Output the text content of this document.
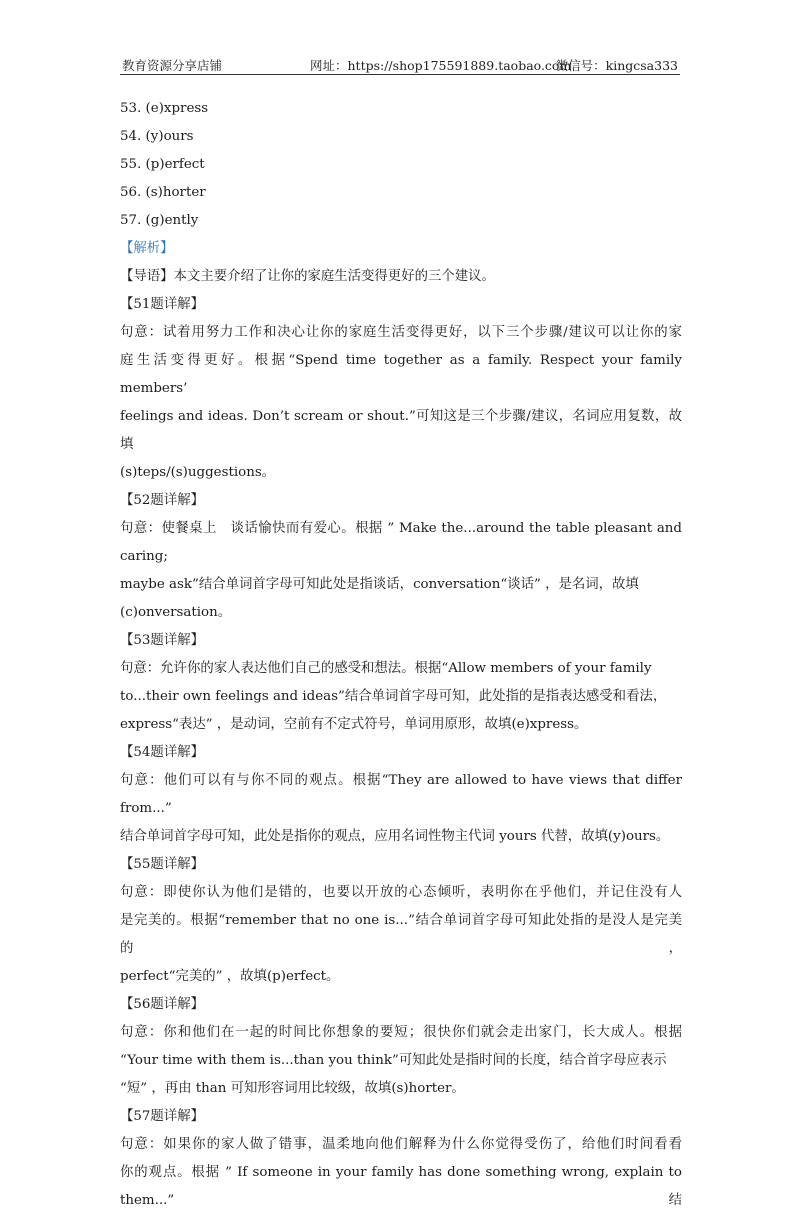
教育资源分享店铺	网址：https://shop175591889.taobao.com
微信号：kingcsa333
53. (e)xpress
54. (y)ours
55. (p)erfect
56. (s)horter
57. (g)ently
【解析】
【导语】本文主要介绍了让你的家庭生活变得更好的三个建议。
【51题详解】
句意：试着用努力工作和决心让你的家庭生活变得更好，以下三个步骤/建议可以让你的家
庭生活变得更好。根据“Spend time together as a family. Respect your family members’
feelings and ideas. Don’t scream or shout.”可知这是三个步骤/建议，名词应用复数，故填
(s)teps/(s)uggestions。
【52题详解】
句意：使餐桌上　谈话愉快而有爱心。根据 ” Make the...around the table pleasant and caring;
maybe ask”结合单词首字母可知此处是指谈话，conversation“谈话” ，是名词，故填
(c)onversation。
【53题详解】
句意：允许你的家人表达他们自己的感受和想法。根据“Allow members of your family
to...their own feelings and ideas”结合单词首字母可知，此处指的是指表达感受和看法，
express“表达” ，是动词，空前有不定式符号，单词用原形，故填(e)xpress。
【54题详解】
句意：他们可以有与你不同的观点。根据“They are allowed to have views that differ from...”
结合单词首字母可知，此处是指你的观点，应用名词性物主代词 yours 代替，故填(y)ours。
【55题详解】
句意：即使你认为他们是错的，也要以开放的心态倾听，表明你在乎他们，并记住没有人
是完美的。根据“remember that no one is...”结合单词首字母可知此处指的是没人是完美的，
perfect“完美的” ，故填(p)erfect。
【56题详解】
句意：你和他们在一起的时间比你想象的要短；很快你们就会走出家门，长大成人。根据
“Your time with them is...than you think”可知此处是指时间的长度，结合首字母应表示
“短” ，再由 than 可知形容词用比较级，故填(s)horter。
【57题详解】
句意：如果你的家人做了错事，温柔地向他们解释为什么你觉得受伤了，给他们时间看看
你的观点。根据 ” If someone in your family has done something wrong, explain to them...”结
